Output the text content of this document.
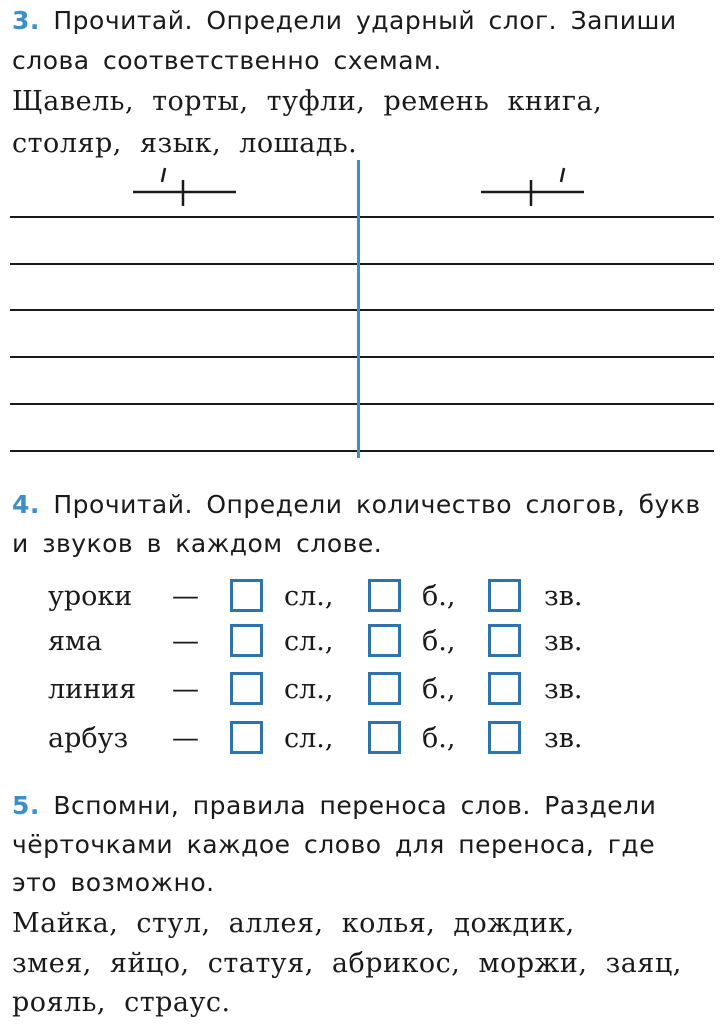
3. Прочитай. Определи ударный слог. Запиши

слова соответственно схемам.

Щавель, торты, туфли, ремень книга,

столяр, язык, лошадь.

4. Прочитай. Определи количество слогов, букв

и звуков в каждом слове.

уроки —	сл.,	б.,	зв.
яма	—	сл.,	б.,	зв.
линия —	сл.,	б.,	зв.
арбуз —	сл.,	б.,	зв.

5. Вспомни, правила переноса слов. Раздели

чёрточками каждое слово для переноса, где

это возможно.

Майка, стул, аллея, колья, дождик,

змея, яйцо, статуя, абрикос, моржи, заяц,

рояль, страус.
